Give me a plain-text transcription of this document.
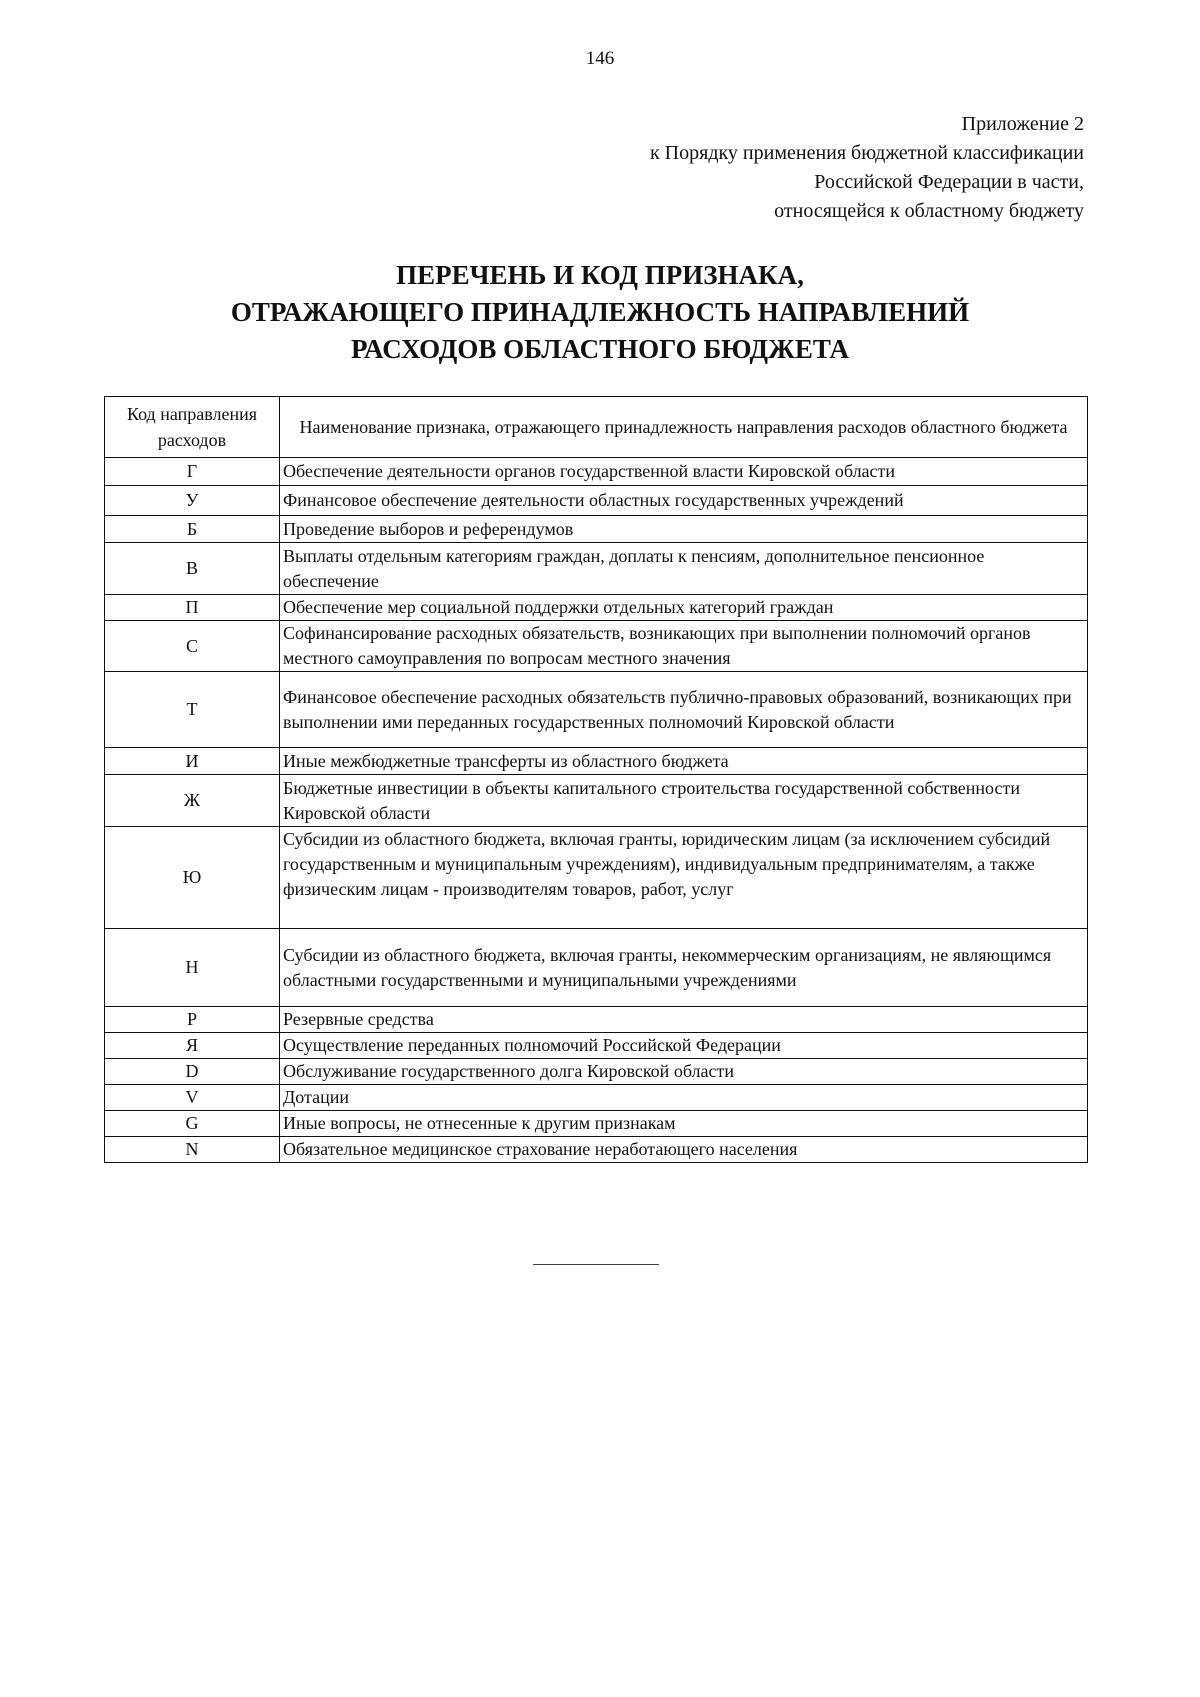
146
Приложение 2
к Порядку применения бюджетной классификации
Российской Федерации в части,
относящейся к областному бюджету
ПЕРЕЧЕНЬ И КОД ПРИЗНАКА,
ОТРАЖАЮЩЕГО ПРИНАДЛЕЖНОСТЬ НАПРАВЛЕНИЙ
РАСХОДОВ ОБЛАСТНОГО БЮДЖЕТА
Код направления расходов	Наименование признака, отражающего принадлежность направления расходов областного бюджета
Г	Обеспечение деятельности органов государственной власти Кировской области
У	Финансовое обеспечение деятельности областных государственных учреждений
Б	Проведение выборов и референдумов
В	Выплаты отдельным категориям граждан, доплаты к пенсиям, дополнительное пенсионное обеспечение
П	Обеспечение мер социальной поддержки отдельных категорий граждан
С	Софинансирование расходных обязательств, возникающих при выполнении полномочий органов местного самоуправления по вопросам местного значения
Т	Финансовое обеспечение расходных обязательств публично-правовых образований, возникающих при выполнении ими переданных государственных полномочий Кировской области
И	Иные межбюджетные трансферты из областного бюджета
Ж	Бюджетные инвестиции в объекты капитального строительства государственной собственности Кировской области
Ю	Субсидии из областного бюджета, включая гранты, юридическим лицам (за исключением субсидий государственным и муниципальным учреждениям), индивидуальным предпринимателям, а также физическим лицам - производителям товаров, работ, услуг
Н	Субсидии из областного бюджета, включая гранты, некоммерческим организациям, не являющимся областными государственными и муниципальными учреждениями
Р	Резервные средства
Я	Осуществление переданных полномочий Российской Федерации
D	Обслуживание государственного долга Кировской области
V	Дотации
G	Иные вопросы, не отнесенные к другим признакам
N	Обязательное медицинское страхование неработающего населения
